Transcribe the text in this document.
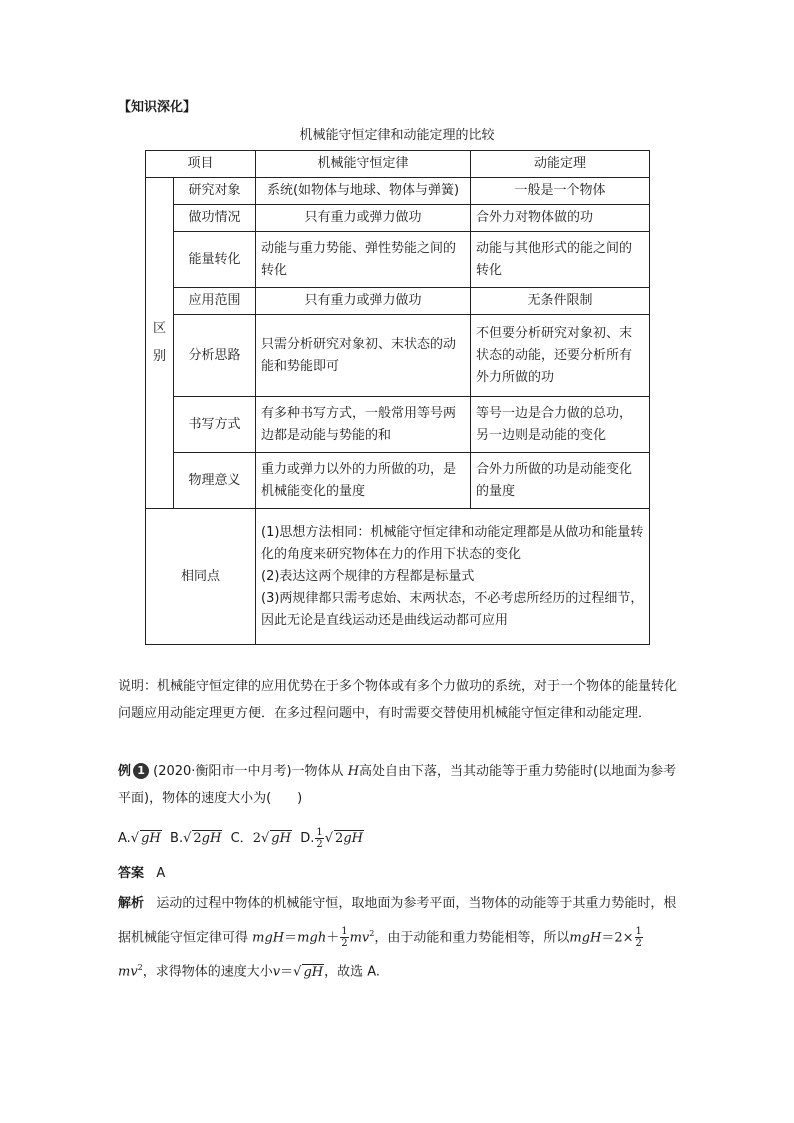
【知识深化】
机械能守恒定律和动能定理的比较
项目		机械能守恒定律	动能定理
区
别	研究对象	系统(如物体与地球、物体与弹簧)	一般是一个物体
	做功情况	只有重力或弹力做功	合外力对物体做的功
	能量转化	动能与重力势能、弹性势能之间的转化	动能与其他形式的能之间的转化
	应用范围	只有重力或弹力做功	无条件限制
	分析思路	只需分析研究对象初、末状态的动能和势能即可	不但要分析研究对象初、末状态的动能，还要分析所有外力所做的功
	书写方式	有多种书写方式，一般常用等号两边都是动能与势能的和	等号一边是合力做的总功，另一边则是动能的变化
	物理意义	重力或弹力以外的力所做的功，是机械能变化的量度	合外力所做的功是动能变化的量度
相同点		(1)思想方法相同：机械能守恒定律和动能定理都是从做功和能量转化的角度来研究物体在力的作用下状态的变化
(2)表达这两个规律的方程都是标量式
(3)两规律都只需考虑始、末两状态，不必考虑所经历的过程细节，因此无论是直线运动还是曲线运动都可应用	
说明：机械能守恒定律的应用优势在于多个物体或有多个力做功的系统，对于一个物体的能量转化问题应用动能定理更方便．在多过程问题中，有时需要交替使用机械能守恒定律和动能定理．
例 1 (2020·衡阳市一中月考)一物体从 H高处自由下落，当其动能等于重力势能时(以地面为参考平面)，物体的速度大小为(　　)
A.√ gH B.√ 2gH C．2√ gH D. $\frac{1}{2}$ √ 2gH
答案 A
解析 运动的过程中物体的机械能守恒，取地面为参考平面，当物体的动能等于其重力势能时，根据机械能守恒定律可得 $mgH=mgh+ \frac{1}{2} mv^2$，由于动能和重力势能相等，所以$mgH=2\times \frac{1}{2}$
$mv^2$，求得物体的速度大小v＝√ gH，故选 A.
